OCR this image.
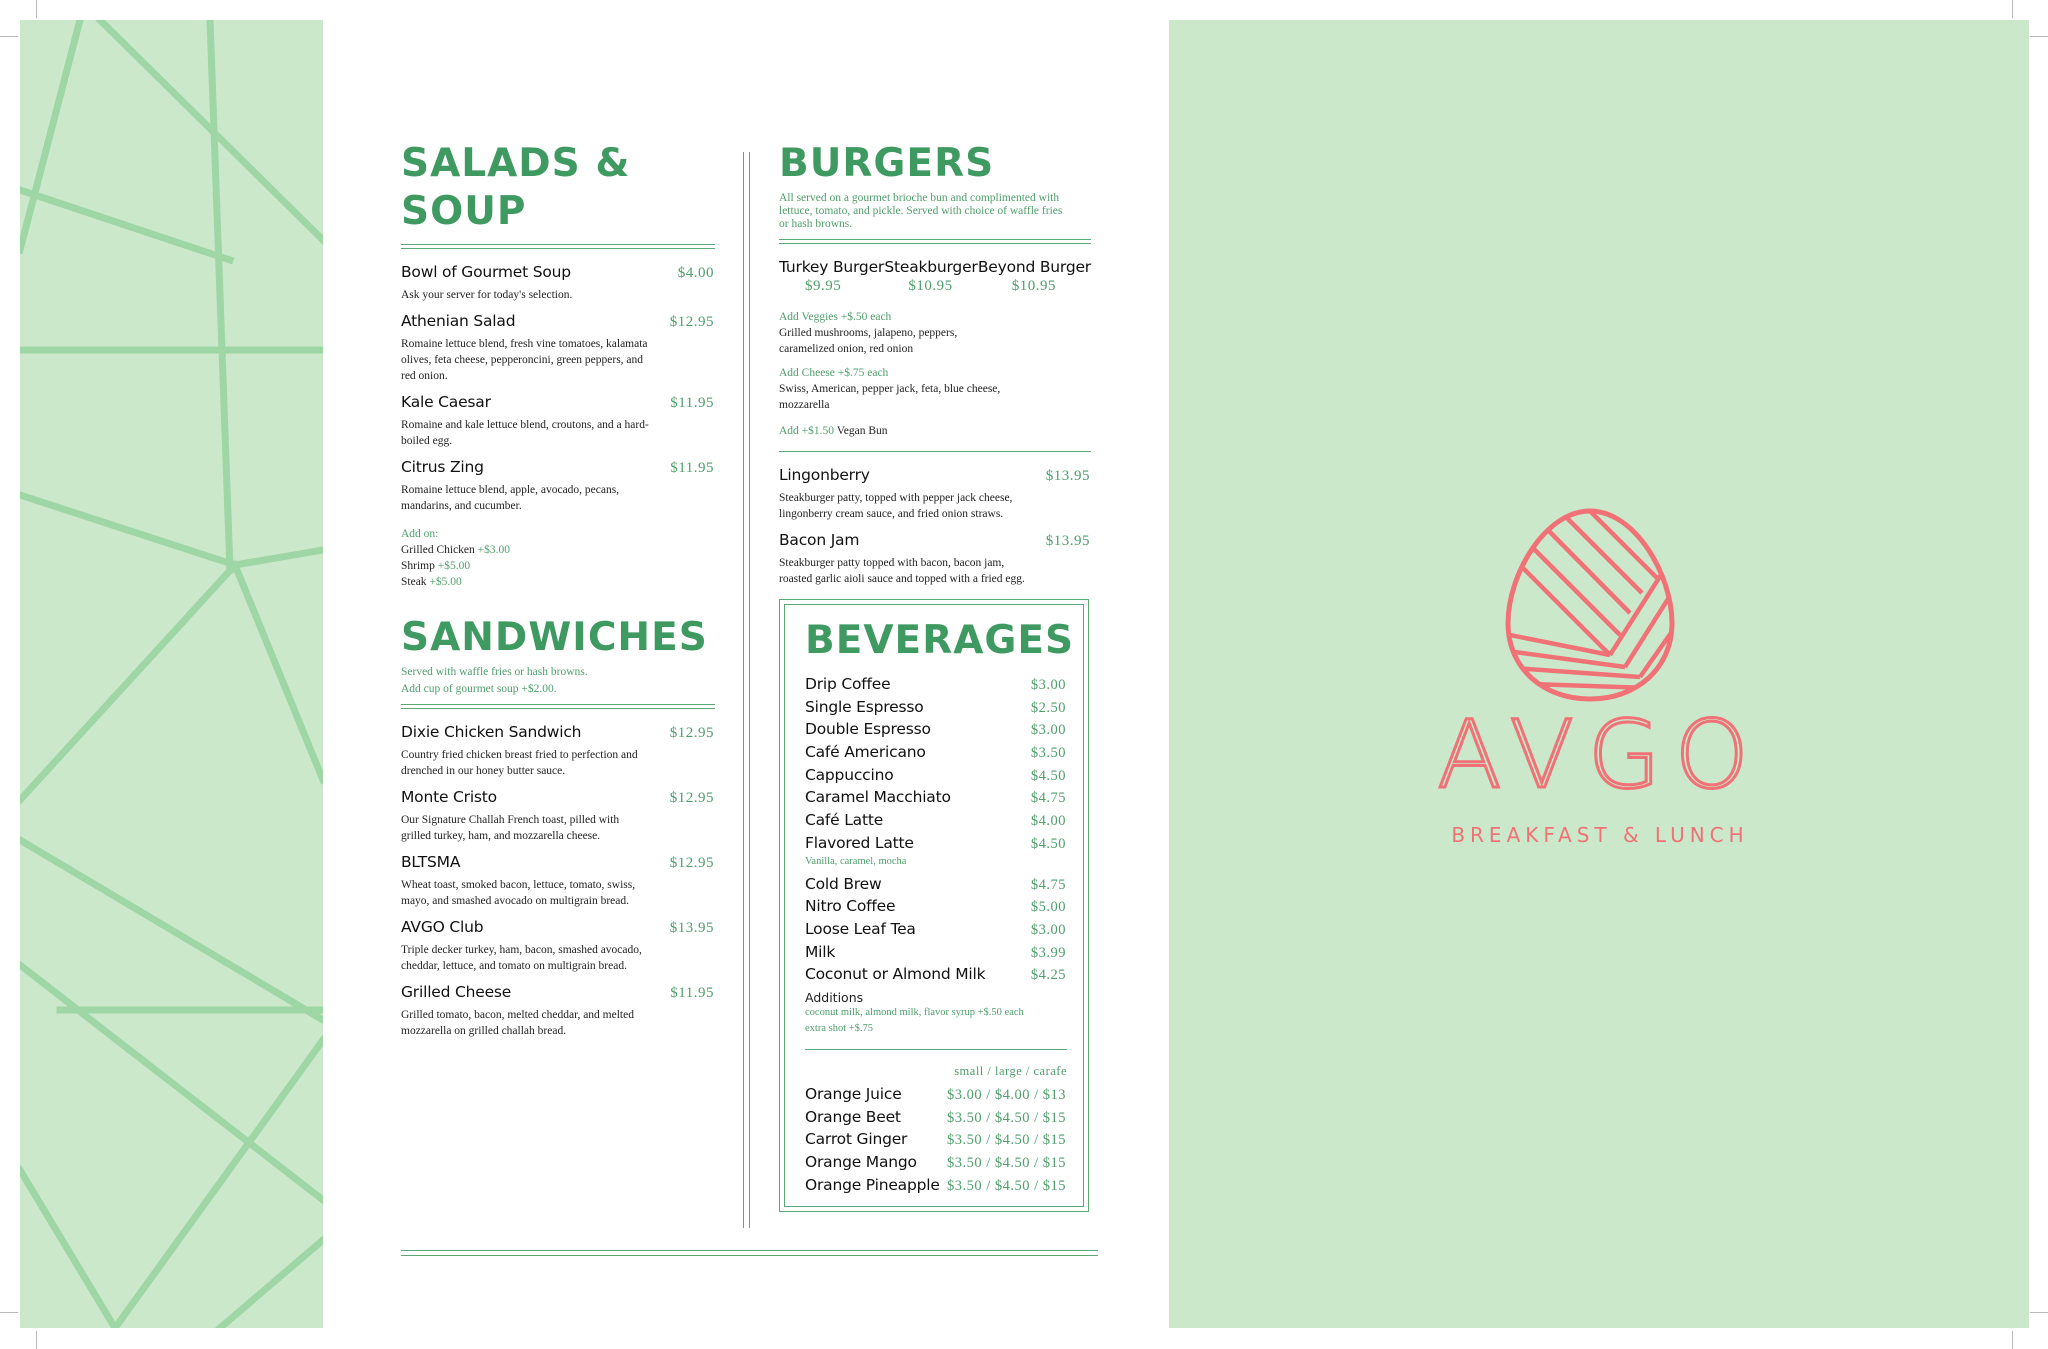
AVGO
BREAKFAST & LUNCH
SALADS & SOUP
Bowl of Gourmet Soup	$4.00
Ask your server for today's selection.
Athenian Salad	$12.95
Romaine lettuce blend, fresh vine tomatoes, kalamata olives, feta cheese, pepperoncini, green peppers, and red onion.
Kale Caesar	$11.95
Romaine and kale lettuce blend, croutons, and a hard-boiled egg.
Citrus Zing	$11.95
Romaine lettuce blend, apple, avocado, pecans, mandarins, and cucumber.
Add on:
Grilled Chicken +$3.00
Shrimp +$5.00
Steak +$5.00
SANDWICHES
Served with waffle fries or hash browns.
Add cup of gourmet soup +$2.00.
Dixie Chicken Sandwich	$12.95
Country fried chicken breast fried to perfection and drenched in our honey butter sauce.
Monte Cristo	$12.95
Our Signature Challah French toast, pilled with grilled turkey, ham, and mozzarella cheese.
BLTSMA	$12.95
Wheat toast, smoked bacon, lettuce, tomato, swiss, mayo, and smashed avocado on multigrain bread.
AVGO Club	$13.95
Triple decker turkey, ham, bacon, smashed avocado, cheddar, lettuce, and tomato on multigrain bread.
Grilled Cheese	$11.95
Grilled tomato, bacon, melted cheddar, and melted mozzarella on grilled challah bread.
BURGERS
All served on a gourmet brioche bun and complimented with lettuce, tomato, and pickle. Served with choice of waffle fries or hash browns.
Turkey Burger
$9.95
Steakburger
$10.95
Beyond Burger
$10.95
Add Veggies +$.50 each
Grilled mushrooms, jalapeno, peppers, caramelized onion, red onion
Add Cheese +$.75 each
Swiss, American, pepper jack, feta, blue cheese, mozzarella
Add +$1.50 Vegan Bun
Lingonberry	$13.95
Steakburger patty, topped with pepper jack cheese, lingonberry cream sauce, and fried onion straws.
Bacon Jam	$13.95
Steakburger patty topped with bacon, bacon jam, roasted garlic aioli sauce and topped with a fried egg.
BEVERAGES
Drip Coffee	$3.00
Single Espresso	$2.50
Double Espresso	$3.00
Café Americano	$3.50
Cappuccino	$4.50
Caramel Macchiato	$4.75
Café Latte	$4.00
Flavored Latte	$4.50
Vanilla, caramel, mocha
Cold Brew	$4.75
Nitro Coffee	$5.00
Loose Leaf Tea	$3.00
Milk	$3.99
Coconut or Almond Milk	$4.25
Additions
coconut milk, almond milk, flavor syrup +$.50 each
extra shot +$.75
small / large / carafe
Orange Juice	$3.00 / $4.00 / $13
Orange Beet	$3.50 / $4.50 / $15
Carrot Ginger	$3.50 / $4.50 / $15
Orange Mango $3.50 / $4.50 / $15
Orange Pineapple $3.50 / $4.50 / $15
